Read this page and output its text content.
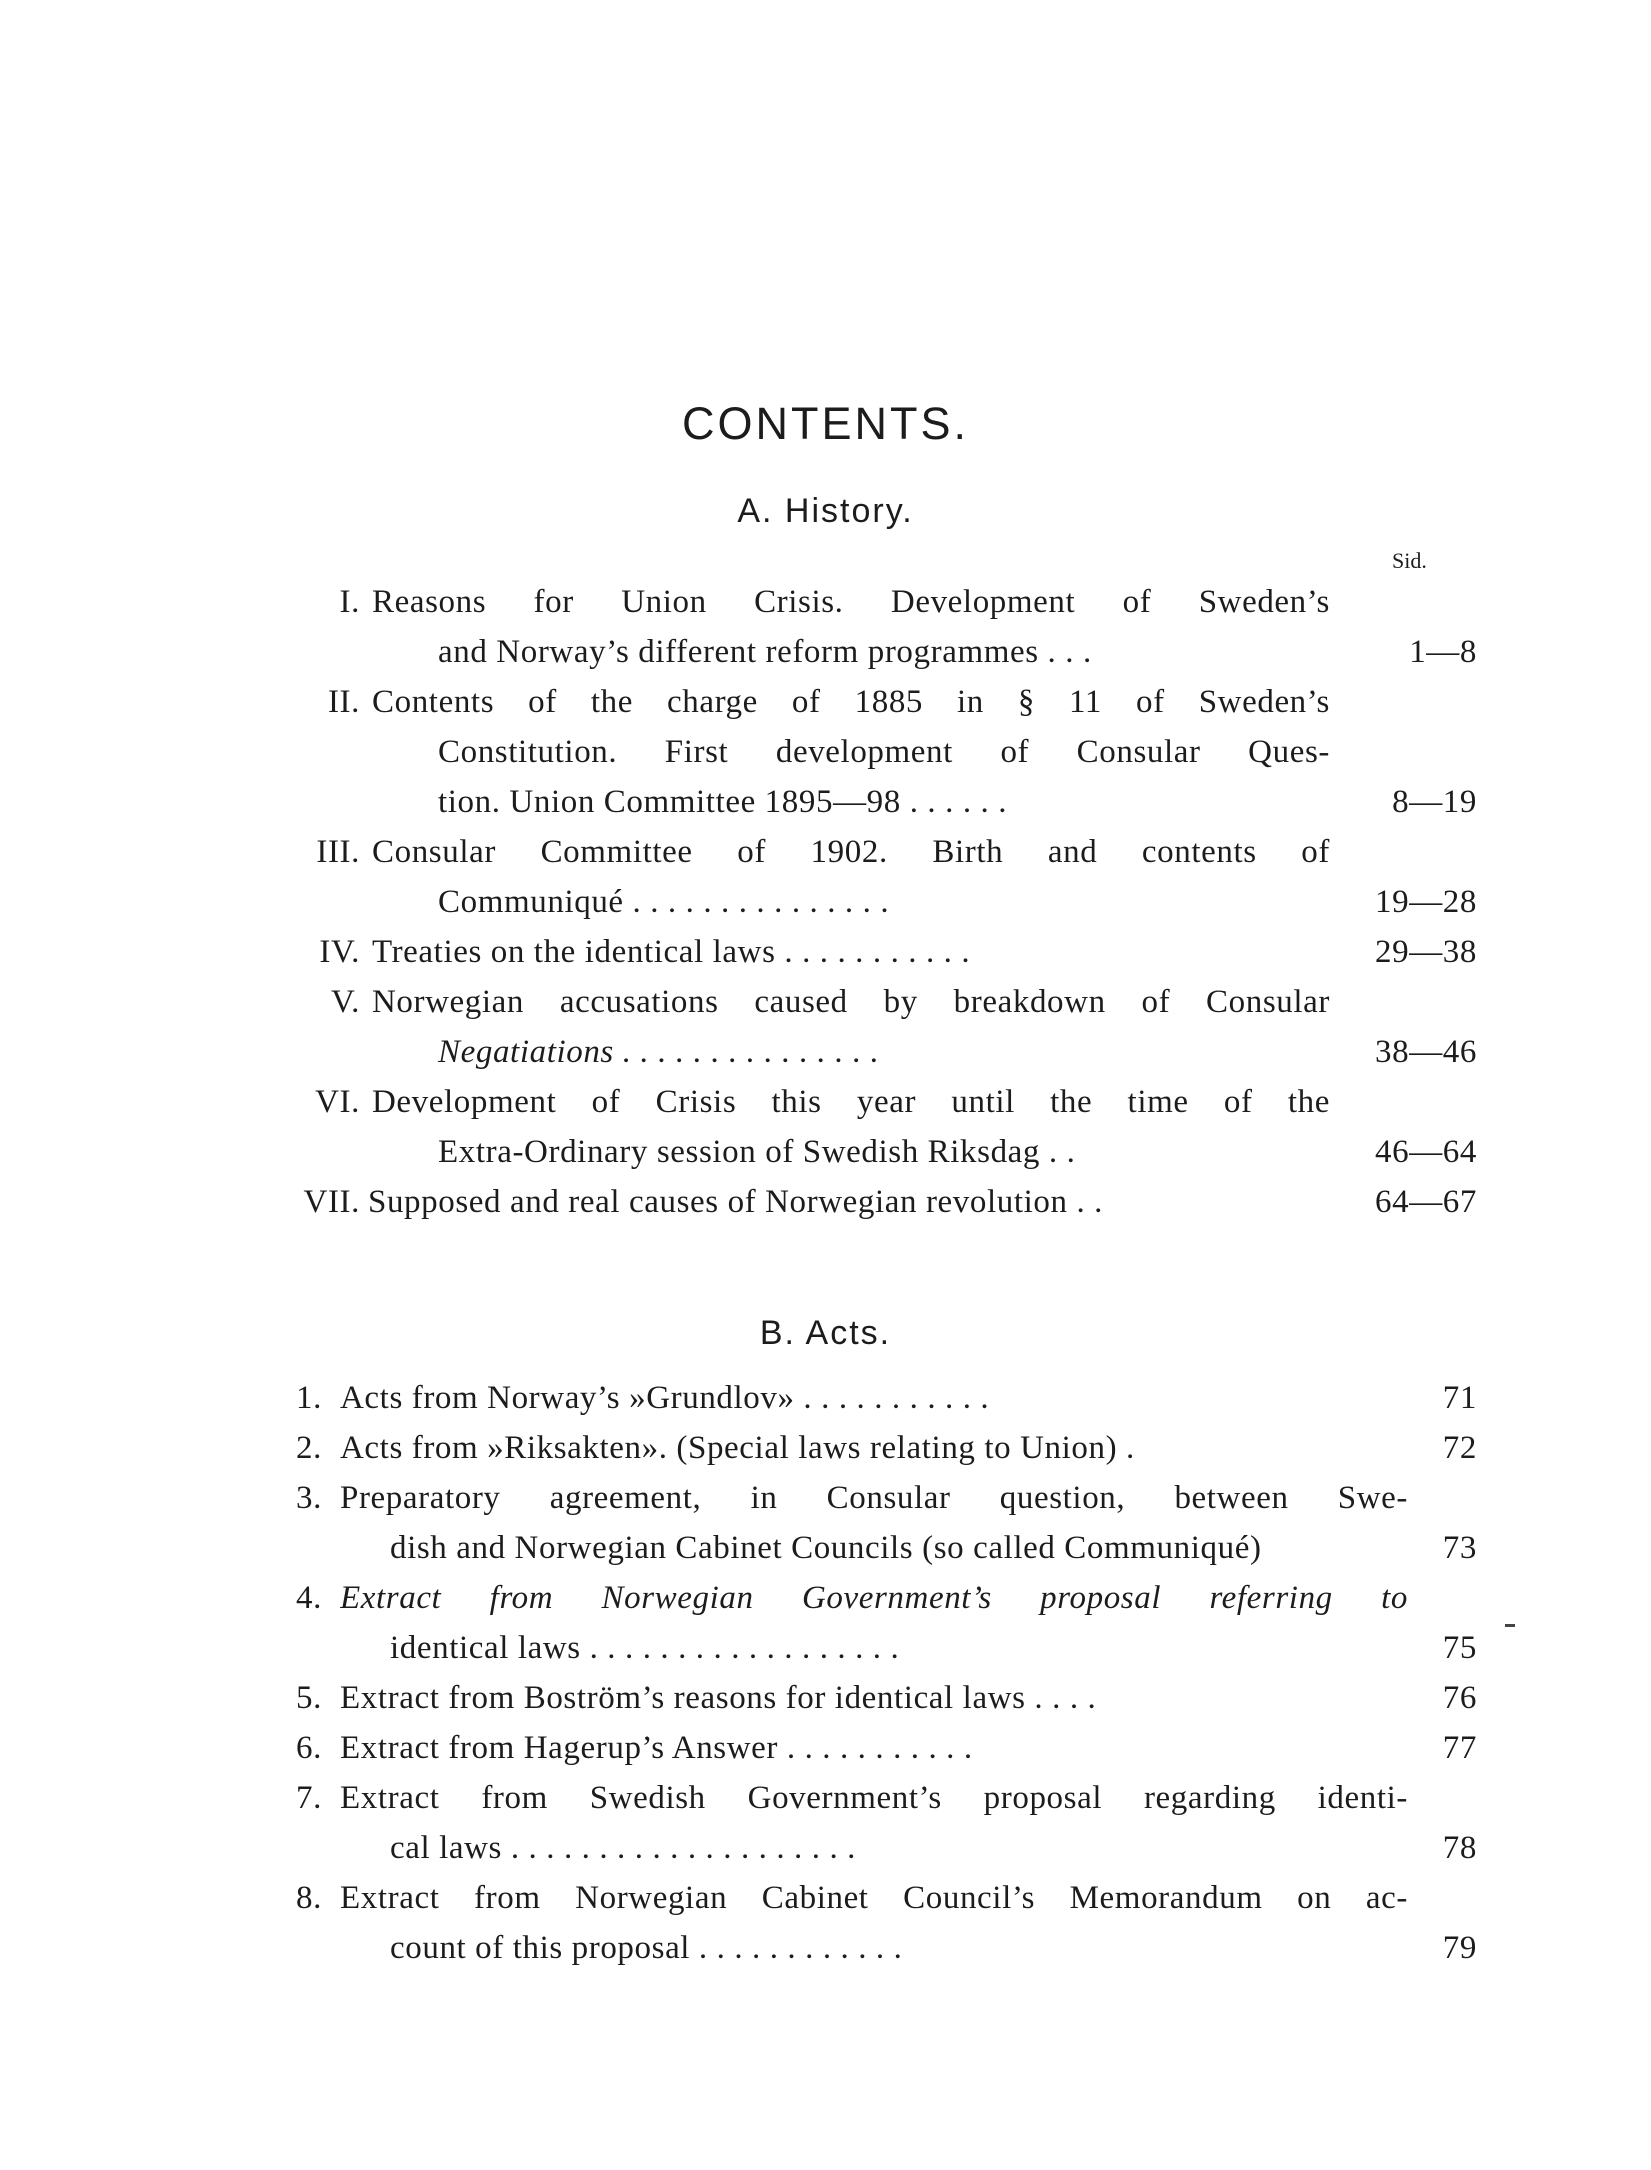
CONTENTS.
A. History.
Sid.
I. Reasons for Union Crisis. Development of Sweden’s
and Norway’s different reform programmes . . .	1—8
II. Contents of the charge of 1885 in § 11 of Sweden’s
Constitution. First development of Consular Ques-
tion. Union Committee 1895—98 . . . . . .	8—19
III. Consular Committee of 1902. Birth and contents of
Communiqué . . . . . . . . . . . . . . .	19—28
IV. Treaties on the identical laws . . . . . . . . . . .	29—38
V. Norwegian accusations caused by breakdown of Consular
Negatiations . . . . . . . . . . . . . . .	38—46
VI. Development of Crisis this year until the time of the
Extra-Ordinary session of Swedish Riksdag . .	46—64
VII. Supposed and real causes of Norwegian revolution . .	64—67
B. Acts.
1. Acts from Norway’s »Grundlov» . . . . . . . . . . .	71
2. Acts from »Riksakten». (Special laws relating to Union) .	72
3. Preparatory agreement, in Consular question, between Swe-
dish and Norwegian Cabinet Councils (so called Communiqué)	73
4. Extract from Norwegian Government’s proposal referring to
identical laws . . . . . . . . . . . . . . . . . .	75
5. Extract from Boström’s reasons for identical laws . . . .	76
6. Extract from Hagerup’s Answer . . . . . . . . . . .	77
7. Extract from Swedish Government’s proposal regarding identi-
cal laws . . . . . . . . . . . . . . . . . . . .	78
8. Extract from Norwegian Cabinet Council’s Memorandum on ac-
count of this proposal . . . . . . . . . . . .	79
